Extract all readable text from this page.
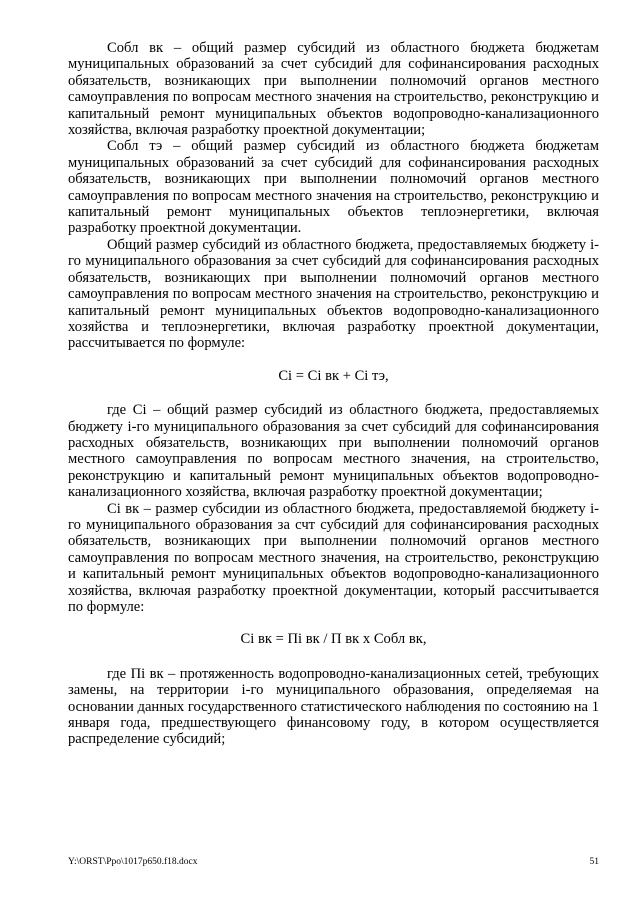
Собл вк – общий размер субсидий из областного бюджета бюджетам муниципальных образований за счет субсидий для софинансирования расходных обязательств, возникающих при выполнении полномочий органов местного самоуправления по вопросам местного значения на строительство, реконструкцию и капитальный ремонт муниципальных объектов водопроводно-канализационного хозяйства, включая разработку проектной документации;

Собл тэ – общий размер субсидий из областного бюджета бюджетам муниципальных образований за счет субсидий для софинансирования расходных обязательств, возникающих при выполнении полномочий органов местного самоуправления по вопросам местного значения на строительство, реконструкцию и капитальный ремонт муниципальных объектов теплоэнергетики, включая разработку проектной документации.

Общий размер субсидий из областного бюджета, предоставляемых бюджету i-го муниципального образования за счет субсидий для софинансирования расходных обязательств, возникающих при выполнении полномочий органов местного самоуправления по вопросам местного значения на строительство, реконструкцию и капитальный ремонт муниципальных объектов водопроводно-канализационного хозяйства и теплоэнергетики, включая разработку проектной документации, рассчитывается по формуле:

Ci = Ci вк + Ci тэ,

где Ci – общий размер субсидий из областного бюджета, предоставляемых бюджету i-го муниципального образования за счет субсидий для софинансирования расходных обязательств, возникающих при выполнении полномочий органов местного самоуправления по вопросам местного значения, на строительство, реконструкцию и капитальный ремонт муниципальных объектов водопроводно-канализационного хозяйства, включая разработку проектной документации;

Ci вк – размер субсидии из областного бюджета, предоставляемой бюджету i-го муниципального образования за счт субсидий для софинансирования расходных обязательств, возникающих при выполнении полномочий органов местного самоуправления по вопросам местного значения, на строительство, реконструкцию и капитальный ремонт муниципальных объектов водопроводно-канализационного хозяйства, включая разработку проектной документации, который рассчитывается по формуле:

Ci вк = Пi вк / П вк х Собл вк,

где Пi вк – протяженность водопроводно-канализационных сетей, требующих замены, на территории i-го муниципального образования, определяемая на основании данных государственного статистического наблюдения по состоянию на 1 января года, предшествующего финансовому году, в котором осуществляется распределение субсидий;

Y:\ORST\Ppo\1017p650.f18.docx	51
